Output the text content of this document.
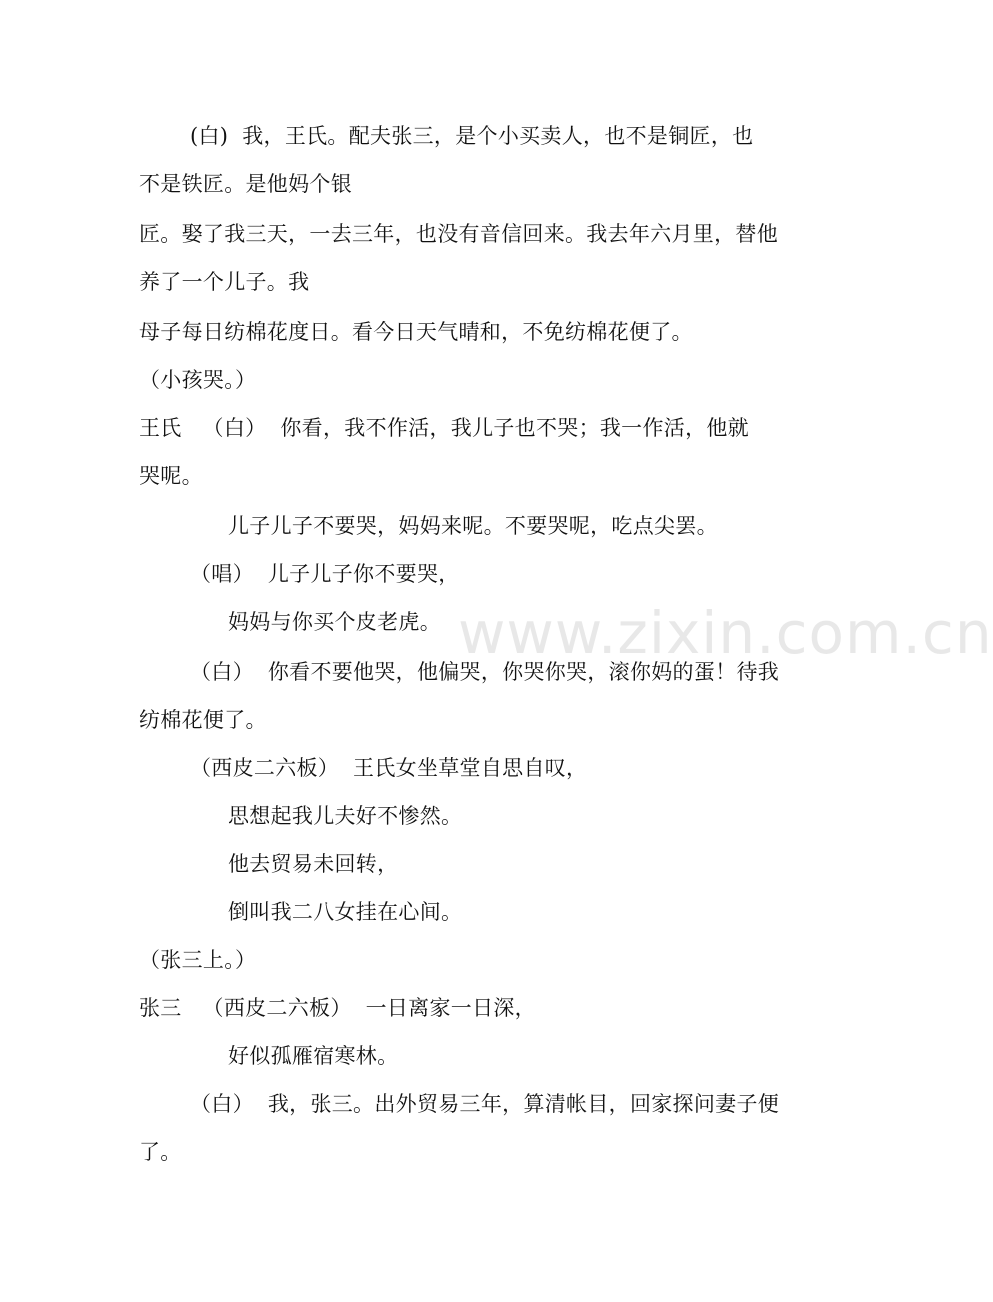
www.zixin.com.cn
(白)  我，王氏。配夫张三，是个小买卖人，也不是铜匠，也
不是铁匠。是他妈个银
匠。娶了我三天，一去三年，也没有音信回来。我去年六月里，替他
养了一个儿子。我
母子每日纺棉花度日。看今日天气晴和，不免纺棉花便了。
（小孩哭。）
王氏   （白）  你看，我不作活，我儿子也不哭；我一作活，他就
哭呢。
儿子儿子不要哭，妈妈来呢。不要哭呢，吃点尖罢。
（唱）  儿子儿子你不要哭，
妈妈与你买个皮老虎。
（白）  你看不要他哭，他偏哭，你哭你哭，滚你妈的蛋！待我
纺棉花便了。
（西皮二六板）  王氏女坐草堂自思自叹，
思想起我儿夫好不惨然。
他去贸易未回转，
倒叫我二八女挂在心间。
（张三上。）
张三   （西皮二六板）  一日离家一日深，
好似孤雁宿寒林。
（白）  我，张三。出外贸易三年，算清帐目，回家探问妻子便
了。
